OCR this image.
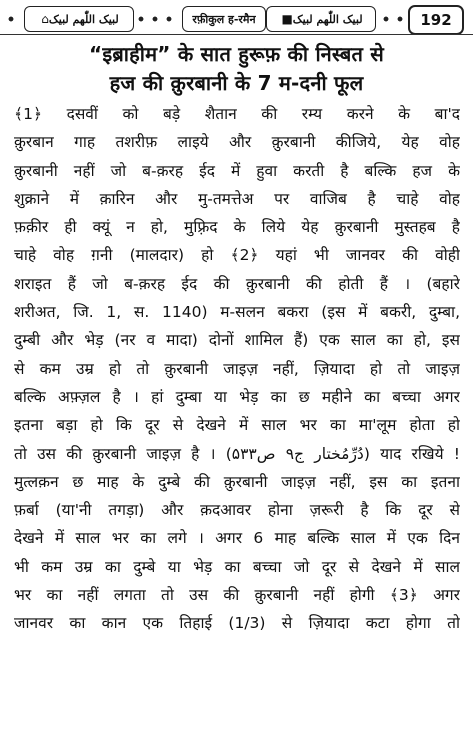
⌂ لبیک اللّٰھم لبیک	रफ़ीकुल ह-रमैन	■ لبیک اللّٰھم لبیک	192
“इब्राहीम” के सात हुरूफ़ की निस्बत से
हज की क़ुरबानी के 7 म-दनी फूल
﴾1﴿ दसवीं को बड़े शैतान की रम्य करने के बा'द
क़ुरबान गाह तशरीफ़ लाइये और क़ुरबानी कीजिये, येह वोह
क़ुरबानी नहीं जो ब-क़रह ईद में हुवा करती है बल्कि हज के
शुक्राने में क़ारिन और मु-तमत्तेअ पर वाजिब है चाहे वोह
फ़क़ीर ही क्यूं न हो, मुफ़्रिद के लिये येह क़ुरबानी मुस्तहब है
चाहे वोह ग़नी (मालदार) हो ﴾2﴿ यहां भी जानवर की वोही
शराइत हैं जो ब-क़रह ईद की क़ुरबानी की होती हैं । (बहारे
शरीअत, जि. 1, स. 1140) म-सलन बकरा (इस में बकरी, दुम्बा,
दुम्बी और भेड़ (नर व मादा) दोनों शामिल हैं) एक साल का हो, इस
से कम उम्र हो तो क़ुरबानी जाइज़ नहीं, ज़ियादा हो तो जाइज़
बल्कि अफ़्ज़ल है । हां दुम्बा या भेड़ का छ महीने का बच्चा अगर
इतना बड़ा हो कि दूर से देखने में साल भर का मा'लूम होता हो
तो उस की क़ुरबानी जाइज़ है । (دُرِّمُختار ج۹ ص۵۳۳) याद रखिये !
मुत्लक़न छ माह के दुम्बे की क़ुरबानी जाइज़ नहीं, इस का इतना
फ़र्बा (या'नी तगड़ा) और क़दआवर होना ज़रूरी है कि दूर से
देखने में साल भर का लगे । अगर 6 माह बल्कि साल में एक दिन
भी कम उम्र का दुम्बे या भेड़ का बच्चा जो दूर से देखने में साल
भर का नहीं लगता तो उस की क़ुरबानी नहीं होगी ﴾3﴿ अगर
जानवर का कान एक तिहाई (1/3) से ज़ियादा कटा होगा तो
